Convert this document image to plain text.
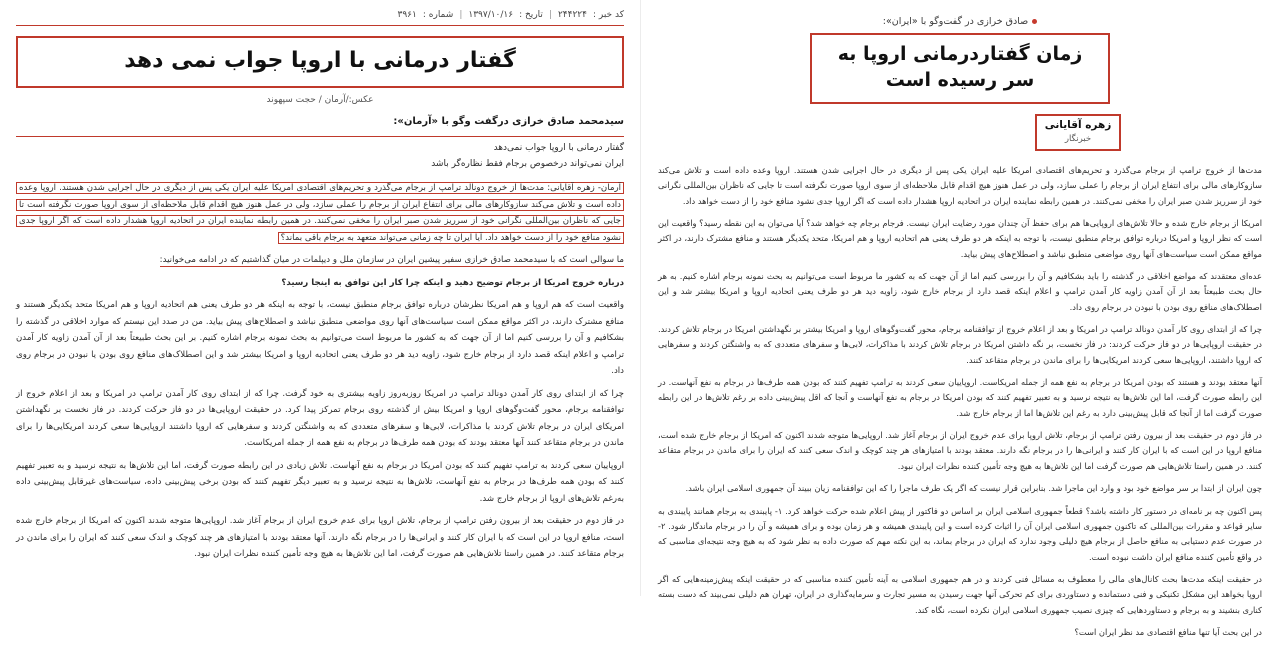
صادق خرازی در گفت‌وگو با «ایران»:
زمان گفتاردرمانی اروپا به سر رسیده است
زهره آقایانی
خبرنگار

مدت‌ها از خروج ترامپ از برجام می‌گذرد و تحریم‌های اقتصادی امریکا علیه ایران یکی پس از دیگری در حال اجرایی شدن هستند. اروپا وعده داده است و تلاش می‌کند سازوکارهای مالی برای انتفاع ایران از برجام را عملی سازد، ولی در عمل هنوز هیچ اقدام قابل ملاحظه‌ای از سوی اروپا صورت نگرفته است تا جایی که ناظران بین‌المللی نگرانی خود از سرریز شدن صبر ایران را مخفی نمی‌کنند. در همین رابطه نماینده ایران در اتحادیه اروپا هشدار داده است که اگر اروپا جدی نشود منافع خود را از دست خواهد داد.

امریکا از برجام خارج شده و حالا تلاش‌های اروپایی‌ها هم برای حفظ آن چندان مورد رضایت ایران نیست. فرجام برجام چه خواهد شد؟ آیا می‌توان به این نقطه رسید؟ واقعیت این است که نظر اروپا و امریکا درباره توافق برجام منطبق نیست، با توجه به اینکه هر دو طرف یعنی هم اتحادیه اروپا و هم امریکا، متحد یکدیگر هستند و منافع مشترک دارند، در اکثر مواقع ممکن است سیاست‌های آنها روی مواضعی منطبق نباشد و اصطلاح‌های پیش بیاید.

عده‌ای معتقدند که مواضع اخلاقی در گذشته را باید بشکافیم و آن را بررسی کنیم اما از آن جهت که به کشور ما مربوط است می‌توانیم به بحث نمونه برجام اشاره کنیم. به هر حال بحث طبیعتاً بعد از آن آمدن زاویه کار آمدن ترامپ و اعلام اینکه قصد دارد از برجام خارج شود، زاویه دید هر دو طرف یعنی اتحادیه اروپا و امریکا بیشتر شد و این اصطلاک‌های منافع روی بودن با نبودن در برجام روی داد.

چرا که از ابتدای روی کار آمدن دونالد ترامپ در امریکا و بعد از اعلام خروج از توافقنامه برجام، محور گفت‌وگوهای اروپا و امریکا بیشتر بر نگهداشتن امریکا در برجام تلاش کردند. در حقیقت اروپایی‌ها در دو فاز حرکت کردند: در فاز نخست، بر نگه داشتن امریکا در برجام تلاش کردند با مذاکرات، لابی‌ها و سفرهای متعددی که به واشنگتن کردند و سفرهایی که اروپا داشتند، اروپایی‌ها سعی کردند امریکایی‌ها را برای ماندن در برجام متقاعد کنند.

آنها معتقد بودند و هستند که بودن امریکا در برجام به نفع همه از جمله امریکاست. اروپاییان سعی کردند به ترامپ تفهیم کنند که بودن همه طرف‌ها در برجام به نفع آنهاست. در این رابطه صورت گرفت، اما این تلاش‌ها به نتیجه نرسید و به تعبیر تفهیم کنند که بودن امریکا در برجام به نفع آنهاست و آنجا که اقل پیش‌بینی داده بر رغم تلاش‌ها در این رابطه صورت گرفت اما از آنجا که قابل پیش‌بینی دارد به رغم این تلاش‌ها اما از برجام خارج شد.

در فاز دوم در حقیقت بعد از بیرون رفتن ترامپ از برجام، تلاش اروپا برای عدم خروج ایران از برجام آغاز شد. اروپایی‌ها متوجه شدند اکنون که امریکا از برجام خارج شده است، منافع اروپا در این است که با ایران کار کنند و ایرانی‌ها را در برجام نگه دارند. معتقد بودند با امتیازهای هر چند کوچک و اندک سعی کنند که ایران را برای ماندن در برجام متقاعد کنند. در همین راستا تلاش‌هایی هم صورت گرفت اما این تلاش‌ها به هیچ وجه تأمین کننده نظرات ایران نبود.

چون ایران از ابتدا بر سر مواضع خود بود و وارد این ماجرا شد. بنابراین قرار نیست که اگر یک طرف ماجرا را که این توافقنامه زیان ببیند آن جمهوری اسلامی ایران باشد.

پس اکنون چه بر نامه‌ای در دستور کار داشته باشد؟ قطعاً جمهوری اسلامی ایران بر اساس دو فاکتور از پیش اعلام شده حرکت خواهد کرد. ۱- پایبندی به برجام همانند پایبندی به سایر قواعد و مقررات بین‌المللی که تاکنون جمهوری اسلامی ایران آن را اثبات کرده است و این پایبندی همیشه و هر زمان بوده و برای همیشه و آن را در برجام ماندگار شود. ۲- در صورت عدم دستیابی به منافع حاصل از برجام هیچ دلیلی وجود ندارد که ایران در برجام بماند، به این نکته مهم که صورت داده به نظر شود که به هیچ وجه نتیجه‌ای مناسبی که در واقع تأمین کننده منافع ایران داشت نبوده است.

در حقیقت اینکه مدت‌ها بحث کانال‌های مالی را معطوف به مسائل فنی کردند و در هم جمهوری اسلامی به آینه تأمین کننده مناسبی که در حقیقت اینکه پیش‌زمینه‌هایی که اگر اروپا بخواهد این مشکل تکنیکی و فنی دستمانده و دستاوردی برای کم تحرکی آنها جهت رسیدن به مسیر تجارت و سرمایه‌گذاری در ایران، تهران هم دلیلی نمی‌بیند که دست بسته کناری بنشیند و به برجام و دستاوردهایی که چیزی نصیب جمهوری اسلامی ایران نکرده است، نگاه کند.

در این بحث آیا تنها منافع اقتصادی مد نظر ایران است؟

کد خبر :
۲۴۴۲۲۴
|
تاریخ :
۱۳۹۷/۱۰/۱۶
|
شماره :
۳۹۶۱
گفتار درمانی با اروپا جواب نمی دهد
عکس:/آرمان / حجت سپهوند
سیدمحمد صادق خرازی درگفت وگو با «آرمان»:
گفتار درمانی با اروپا جواب نمی‌دهد
ایران نمی‌تواند درخصوص برجام فقط نظاره‌گر باشد

آرمان- زهره آقایانی: مدت‌ها از خروج دونالد ترامپ از برجام می‌گذرد و تحریم‌های اقتصادی امریکا علیه ایران یکی پس از دیگری در حال اجرایی شدن هستند. اروپا وعده داده است و تلاش می‌کند سازوکارهای مالی برای انتفاع ایران از برجام را عملی سازد، ولی در عمل هنوز هیچ اقدام قابل ملاحظه‌ای از سوی اروپا صورت نگرفته است تا جایی که ناظران بین‌المللی نگرانی خود از سرریز شدن صبر ایران را مخفی نمی‌کنند. در همین رابطه نماینده ایران در اتحادیه اروپا هشدار داده است که اگر اروپا جدی نشود منافع خود را از دست خواهد داد. آیا ایران تا چه زمانی می‌تواند متعهد به برجام باقی بماند؟

ما سوالی است که با سیدمحمد صادق خرازی سفیر پیشین ایران در سازمان ملل و دیپلمات در میان گذاشتیم که در ادامه می‌خوانید:

درباره خروج امریکا از برجام توضیح دهید و اینکه چرا کار این توافق به اینجا رسید؟

واقعیت است که هم اروپا و هم امریکا نظرشان درباره توافق برجام منطبق نیست، با توجه به اینکه هر دو طرف یعنی هم اتحادیه اروپا و هم امریکا متحد یکدیگر هستند و منافع مشترک دارند، در اکثر مواقع ممکن است سیاست‌های آنها روی مواضعی منطبق نباشد و اصطلاح‌های پیش بیاید. من در صدد این نیستم که موارد اخلاقی در گذشته را بشکافیم و آن را بررسی کنیم اما از آن جهت که به کشور ما مربوط است می‌توانیم به بحث نمونه برجام اشاره کنیم. بر این بحث طبیعتاً بعد از آن آمدن زاویه کار آمدن ترامپ و اعلام اینکه قصد دارد از برجام خارج شود، زاویه دید هر دو طرف یعنی اتحادیه اروپا و امریکا بیشتر شد و این اصطلاک‌های منافع روی بودن یا نبودن در برجام روی داد.

چرا که از ابتدای روی کار آمدن دونالد ترامپ در امریکا روزبه‌روز زاویه بیشتری به خود گرفت. چرا که از ابتدای روی کار آمدن ترامپ در امریکا و بعد از اعلام خروج از توافقنامه برجام، محور گفت‌وگوهای اروپا و امریکا بیش از گذشته روی برجام تمرکز پیدا کرد. در حقیقت اروپایی‌ها در دو فاز حرکت کردند. در فاز نخست بر نگهداشتن امریکای ایران در برجام تلاش کردند با مذاکرات، لابی‌ها و سفرهای متعددی که به واشنگتن کردند و سفرهایی که اروپا داشتند اروپایی‌ها سعی کردند امریکایی‌ها را برای ماندن در برجام متقاعد کنند آنها معتقد بودند که بودن همه طرف‌ها در برجام به نفع همه از جمله امریکاست.

اروپاییان سعی کردند به ترامپ تفهیم کنند که بودن امریکا در برجام به نفع آنهاست. تلاش زیادی در این رابطه صورت گرفت، اما این تلاش‌ها به نتیجه نرسید و به تعبیر تفهیم کنند که بودن همه طرف‌ها در برجام به نفع آنهاست، تلاش‌ها به نتیجه نرسید و به تعبیر دیگر تفهیم کنند که بودن برخی پیش‌بینی داده، سیاست‌های غیرقابل پیش‌بینی داده به‌رغم تلاش‌های اروپا از برجام خارج شد.

در فاز دوم در حقیقت بعد از بیرون رفتن ترامپ از برجام، تلاش اروپا برای عدم خروج ایران از برجام آغاز شد. اروپایی‌ها متوجه شدند اکنون که امریکا از برجام خارج شده است، منافع اروپا در این است که با ایران کار کنند و ایرانی‌ها را در برجام نگه دارند. آنها معتقد بودند با امتیازهای هر چند کوچک و اندک سعی کنند که ایران را برای ماندن در برجام متقاعد کنند. در همین راستا تلاش‌هایی هم صورت گرفت، اما این تلاش‌ها به هیچ وجه تأمین کننده نظرات ایران نبود.
